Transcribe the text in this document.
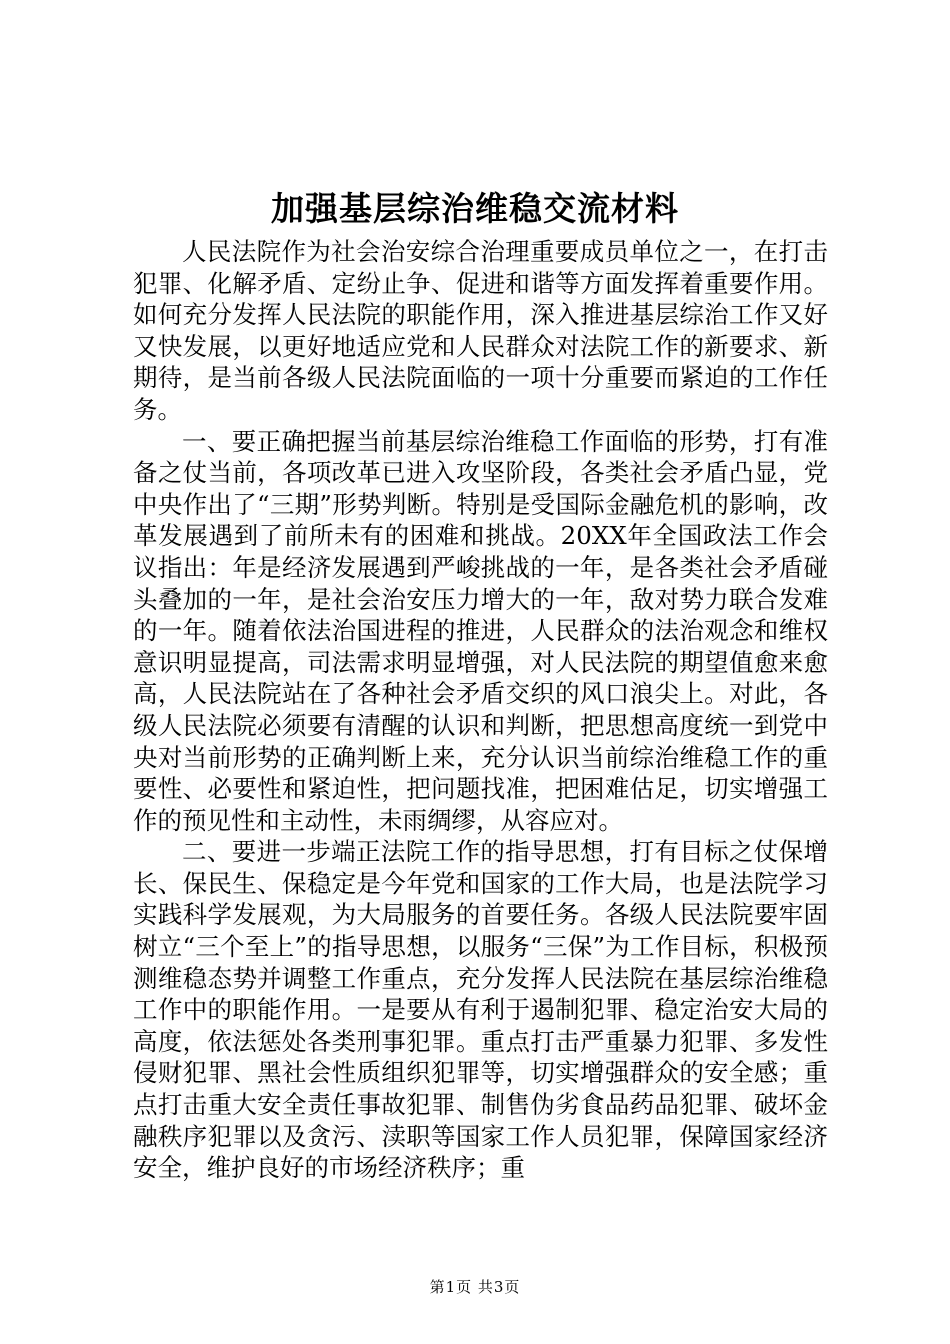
加强基层综治维稳交流材料

人民法院作为社会治安综合治理重要成员单位之一，在打击犯罪、化解矛盾、定纷止争、促进和谐等方面发挥着重要作用。如何充分发挥人民法院的职能作用，深入推进基层综治工作又好又快发展，以更好地适应党和人民群众对法院工作的新要求、新期待，是当前各级人民法院面临的一项十分重要而紧迫的工作任务。

一、要正确把握当前基层综治维稳工作面临的形势，打有准备之仗当前，各项改革已进入攻坚阶段，各类社会矛盾凸显，党中央作出了“三期”形势判断。特别是受国际金融危机的影响，改革发展遇到了前所未有的困难和挑战。20XX年全国政法工作会议指出：年是经济发展遇到严峻挑战的一年，是各类社会矛盾碰头叠加的一年，是社会治安压力增大的一年，敌对势力联合发难的一年。随着依法治国进程的推进，人民群众的法治观念和维权意识明显提高，司法需求明显增强，对人民法院的期望值愈来愈高，人民法院站在了各种社会矛盾交织的风口浪尖上。对此，各级人民法院必须要有清醒的认识和判断，把思想高度统一到党中央对当前形势的正确判断上来，充分认识当前综治维稳工作的重要性、必要性和紧迫性，把问题找准，把困难估足，切实增强工作的预见性和主动性，未雨绸缪，从容应对。

二、要进一步端正法院工作的指导思想，打有目标之仗保增长、保民生、保稳定是今年党和国家的工作大局，也是法院学习实践科学发展观，为大局服务的首要任务。各级人民法院要牢固树立“三个至上”的指导思想，以服务“三保”为工作目标，积极预测维稳态势并调整工作重点，充分发挥人民法院在基层综治维稳工作中的职能作用。一是要从有利于遏制犯罪、稳定治安大局的高度，依法惩处各类刑事犯罪。重点打击严重暴力犯罪、多发性侵财犯罪、黑社会性质组织犯罪等，切实增强群众的安全感；重点打击重大安全责任事故犯罪、制售伪劣食品药品犯罪、破坏金融秩序犯罪以及贪污、渎职等国家工作人员犯罪，保障国家经济安全，维护良好的市场经济秩序；重

第1页 共3页
